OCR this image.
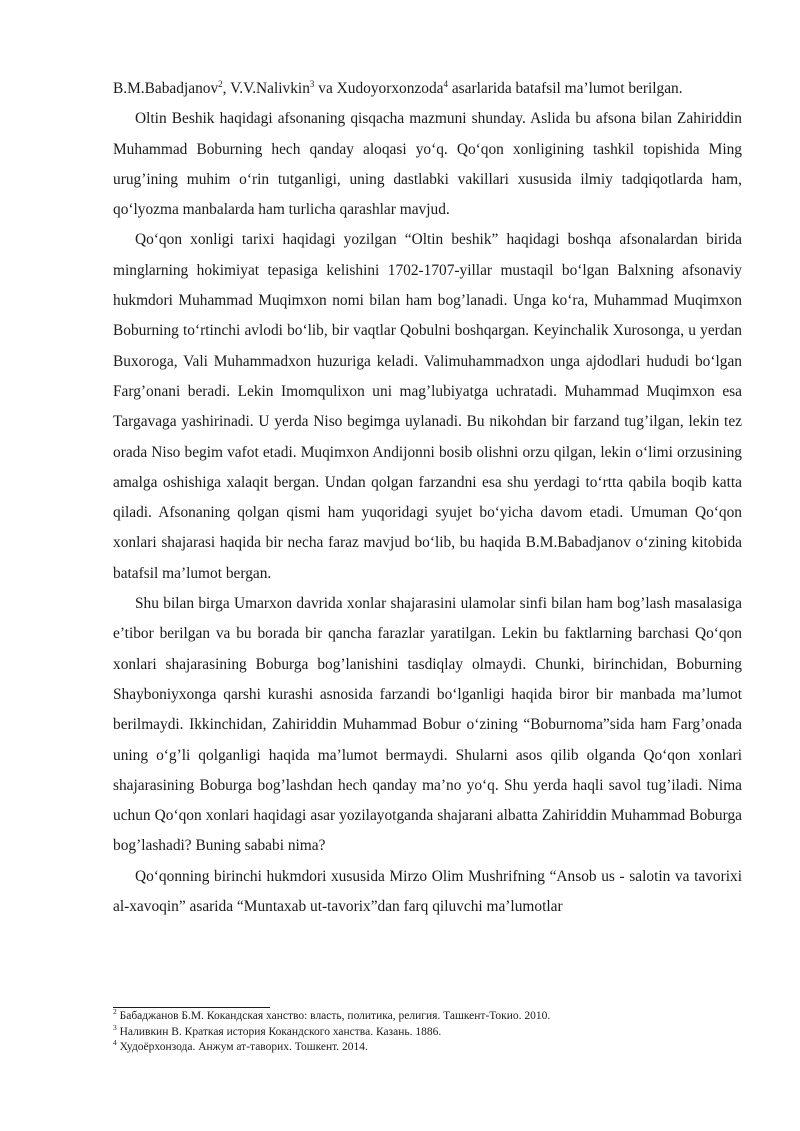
B.M.Babadjanov$^2$, V.V.Nalivkin$^3$ va Xudoyorxonzoda$^4$ asarlarida batafsil ma’lumot berilgan.

Oltin Beshik haqidagi afsonaning qisqacha mazmuni shunday. Aslida bu afsona bilan Zahiriddin Muhammad Boburning hech qanday aloqasi yo‘q. Qo‘qon xonligining tashkil topishida Ming urug’ining muhim o‘rin tutganligi, uning dastlabki vakillari xususida ilmiy tadqiqotlarda ham, qo‘lyozma manbalarda ham turlicha qarashlar mavjud.

Qo‘qon xonligi tarixi haqidagi yozilgan “Oltin beshik” haqidagi boshqa afsonalardan birida minglarning hokimiyat tepasiga kelishini 1702-1707-yillar mustaqil bo‘lgan Balxning afsonaviy hukmdori Muhammad Muqimxon nomi bilan ham bog’lanadi. Unga ko‘ra, Muhammad Muqimxon Boburning to‘rtinchi avlodi bo‘lib, bir vaqtlar Qobulni boshqargan. Keyinchalik Xurosonga, u yerdan Buxoroga, Vali Muhammadxon huzuriga keladi. Valimuhammadxon unga ajdodlari hududi bo‘lgan Farg’onani beradi. Lekin Imomqulixon uni mag’lubiyatga uchratadi. Muhammad Muqimxon esa Targavaga yashirinadi. U yerda Niso begimga uylanadi. Bu nikohdan bir farzand tug’ilgan, lekin tez orada Niso begim vafot etadi. Muqimxon Andijonni bosib olishni orzu qilgan, lekin o‘limi orzusining amalga oshishiga xalaqit bergan. Undan qolgan farzandni esa shu yerdagi to‘rtta qabila boqib katta qiladi. Afsonaning qolgan qismi ham yuqoridagi syujet bo‘yicha davom etadi. Umuman Qo‘qon xonlari shajarasi haqida bir necha faraz mavjud bo‘lib, bu haqida B.M.Babadjanov o‘zining kitobida batafsil ma’lumot bergan.

Shu bilan birga Umarxon davrida xonlar shajarasini ulamolar sinfi bilan ham bog’lash masalasiga e’tibor berilgan va bu borada bir qancha farazlar yaratilgan. Lekin bu faktlarning barchasi Qo‘qon xonlari shajarasining Boburga bog’lanishini tasdiqlay olmaydi. Chunki, birinchidan, Boburning Shayboniyxonga qarshi kurashi asnosida farzandi bo‘lganligi haqida biror bir manbada ma’lumot berilmaydi. Ikkinchidan, Zahiriddin Muhammad Bobur o‘zining “Boburnoma”sida ham Farg’onada uning o‘g’li qolganligi haqida ma’lumot bermaydi. Shularni asos qilib olganda Qo‘qon xonlari shajarasining Boburga bog’lashdan hech qanday ma’no yo‘q. Shu yerda haqli savol tug’iladi. Nima uchun Qo‘qon xonlari haqidagi asar yozilayotganda shajarani albatta Zahiriddin Muhammad Boburga bog’lashadi? Buning sababi nima?

Qo‘qonning birinchi hukmdori xususida Mirzo Olim Mushrifning “Ansob us - salotin va tavorixi al-xavoqin” asarida “Muntaxab ut-tavorix”dan farq qiluvchi ma’lumotlar

$^2$ Бабаджанов Б.М. Кокандская ханство: власть, политика, религия. Ташкент-Токио. 2010.

$^3$ Наливкин В. Краткая история Кокандского ханства. Казань. 1886.

$^4$ Худоёрхонзода. Анжум ат-таворих. Тошкент. 2014.
